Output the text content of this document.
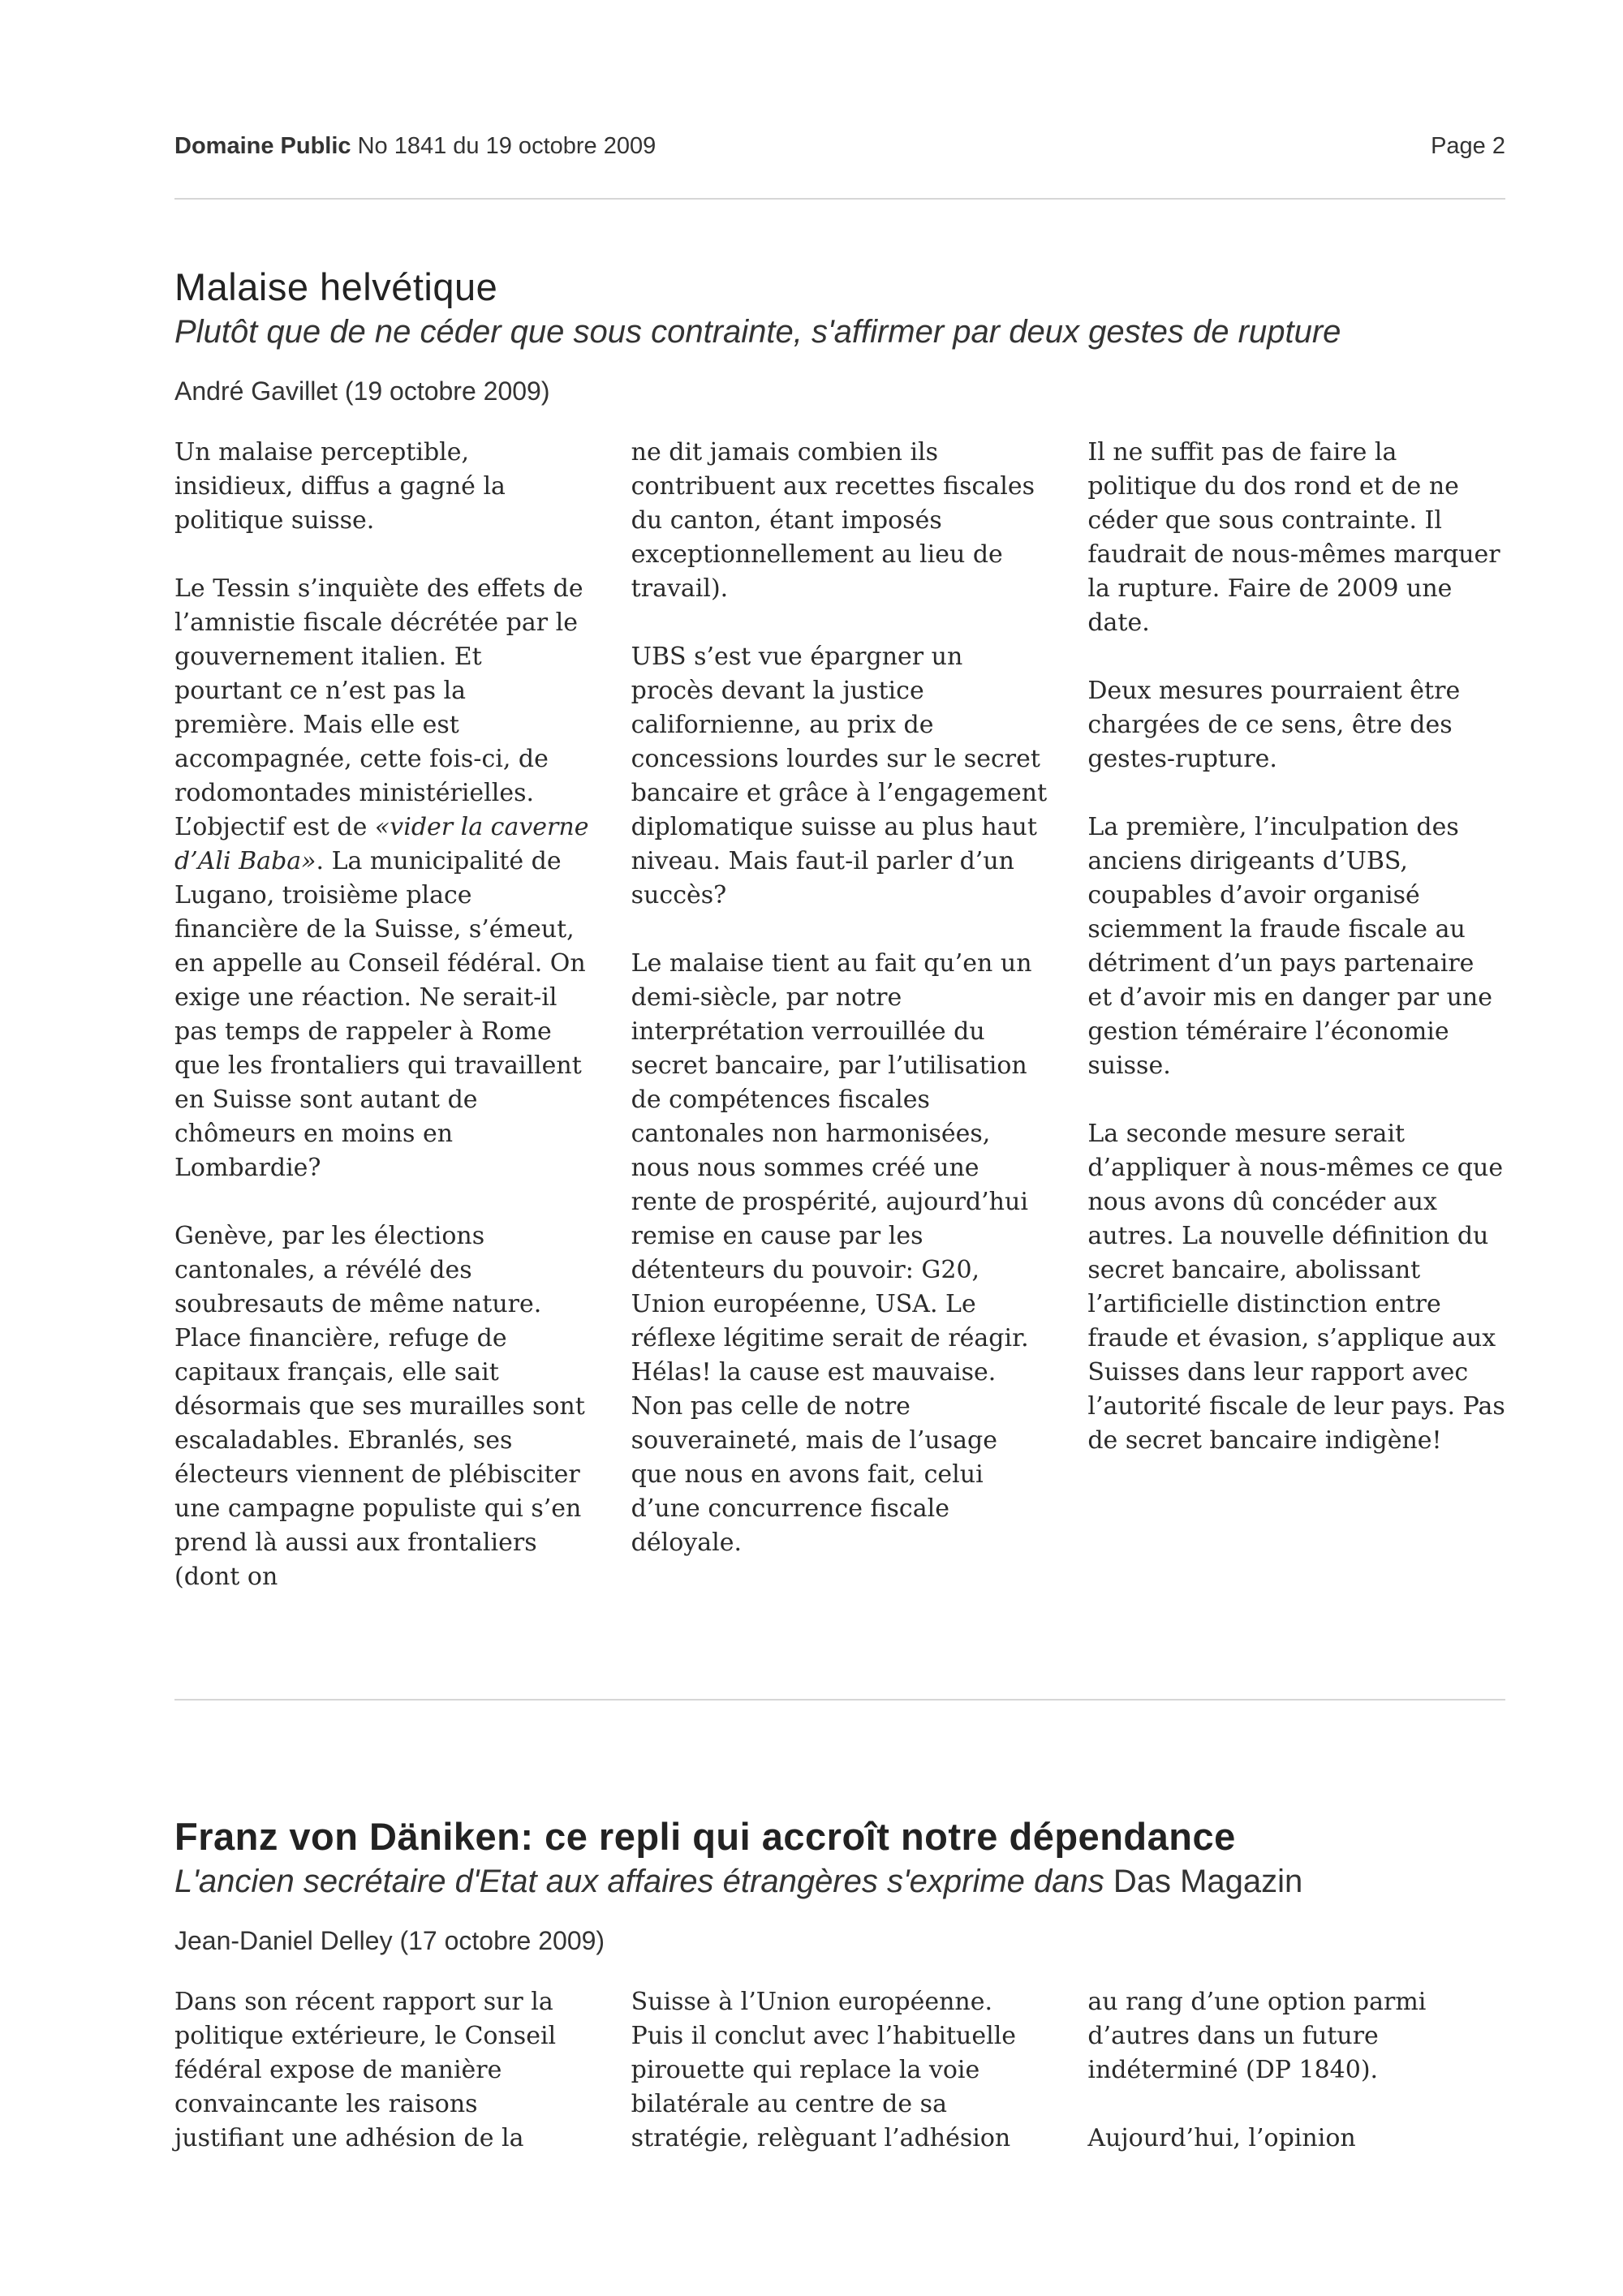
Domaine Public No 1841 du 19 octobre 2009	Page 2
Malaise helvétique

Plutôt que de ne céder que sous contrainte, s'affirmer par deux gestes de rupture

André Gavillet (19 octobre 2009)

Un malaise perceptible, insidieux, diffus a gagné la politique suisse.

Le Tessin s’inquiète des effets de l’amnistie fiscale décrétée par le gouvernement italien. Et pourtant ce n’est pas la première. Mais elle est accompagnée, cette fois-ci, de rodomontades ministérielles. L’objectif est de «vider la caverne d’Ali Baba». La municipalité de Lugano, troisième place financière de la Suisse, s’émeut, en appelle au Conseil fédéral. On exige une réaction. Ne serait-il pas temps de rappeler à Rome que les frontaliers qui travaillent en Suisse sont autant de chômeurs en moins en Lombardie?

Genève, par les élections cantonales, a révélé des soubresauts de même nature. Place financière, refuge de capitaux français, elle sait désormais que ses murailles sont escaladables. Ebranlés, ses électeurs viennent de plébisciter une campagne populiste qui s’en prend là aussi aux frontaliers (dont on

ne dit jamais combien ils contribuent aux recettes fiscales du canton, étant imposés exceptionnellement au lieu de travail).

UBS s’est vue épargner un procès devant la justice californienne, au prix de concessions lourdes sur le secret bancaire et grâce à l’engagement diplomatique suisse au plus haut niveau. Mais faut-il parler d’un succès?

Le malaise tient au fait qu’en un demi-siècle, par notre interprétation verrouillée du secret bancaire, par l’utilisation de compétences fiscales cantonales non harmonisées, nous nous sommes créé une rente de prospérité, aujourd’hui remise en cause par les détenteurs du pouvoir: G20, Union européenne, USA. Le réflexe légitime serait de réagir. Hélas! la cause est mauvaise. Non pas celle de notre souveraineté, mais de l’usage que nous en avons fait, celui d’une concurrence fiscale déloyale.

Il ne suffit pas de faire la politique du dos rond et de ne céder que sous contrainte. Il faudrait de nous-mêmes marquer la rupture. Faire de 2009 une date.

Deux mesures pourraient être chargées de ce sens, être des gestes-rupture.

La première, l’inculpation des anciens dirigeants d’UBS, coupables d’avoir organisé sciemment la fraude fiscale au détriment d’un pays partenaire et d’avoir mis en danger par une gestion téméraire l’économie suisse.

La seconde mesure serait d’appliquer à nous-mêmes ce que nous avons dû concéder aux autres. La nouvelle définition du secret bancaire, abolissant l’artificielle distinction entre fraude et évasion, s’applique aux Suisses dans leur rapport avec l’autorité fiscale de leur pays. Pas de secret bancaire indigène!

Franz von Däniken: ce repli qui accroît notre dépendance

L'ancien secrétaire d'Etat aux affaires étrangères s'exprime dans Das Magazin

Jean-Daniel Delley (17 octobre 2009)

Dans son récent rapport sur la politique extérieure, le Conseil fédéral expose de manière convaincante les raisons justifiant une adhésion de la

Suisse à l’Union européenne. Puis il conclut avec l’habituelle pirouette qui replace la voie bilatérale au centre de sa stratégie, relèguant l’adhésion

au rang d’une option parmi d’autres dans un future indéterminé (DP 1840).

Aujourd’hui, l’opinion
